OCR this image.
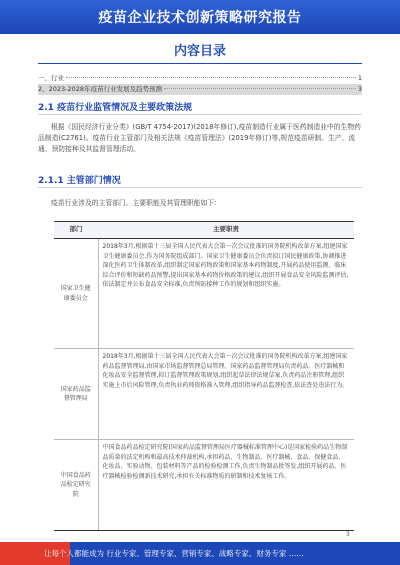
疫苗企业技术创新策略研究报告
内容目录
一、行业	1
2、2023-2028年疫苗行业发展及趋势预测	3
2.1 疫苗行业监管情况及主要政策法规
根据《国民经济行业分类》(GB/T 4754-2017)(2018年修订),疫苗制造行业属于医药制造业中的生物药品制造(C2761)。疫苗行业主管部门及相关法规《疫苗管理法》(2019年修订)等,规范疫苗研制、生产、流通、预防接种及其监督管理活动。
2.1.1 主管部门情况
疫苗行业涉及的主管部门、主要职能及其管理职能如下:
部门	主要职责
国家卫生健康委员会	2018年3月,根据第十三届全国人民代表大会第一次会议批准的国务院机构改革方案,组建国家卫生健康委员会,作为国务院组成部门。国家卫生健康委员会负责拟订国民健康政策,协调推进深化医药卫生体制改革,组织制定国家药物政策和国家基本药物制度,开展药品使用监测、临床综合评价和短缺药品预警,提出国家基本药物价格政策的建议,组织开展食品安全风险监测评估,依法制定并公布食品安全标准,负责预防接种工作的规划和组织实施。
国家药品监督管理局	2018年3月,根据第十三届全国人民代表大会第一次会议批准的国务院机构改革方案,组建国家药品监督管理局,由国家市场监督管理总局管理。国家药品监督管理局负责药品、医疗器械和化妆品安全监督管理,拟订监督管理政策规划,组织起草法律法规草案,负责药品注册管理,组织实施上市后风险管理,负责执业药师资格准入管理,组织指导药品监督检查,依法查处违法行为。
中国食品药品检定研究院	中国食品药品检定研究院(国家药品监督管理局医疗器械标准管理中心)是国家检验药品生物制品质量的法定机构和最高技术仲裁机构,承担药品、生物制品、医疗器械、食品、保健食品、化妆品、实验动物、包装材料等产品的检验检测工作,负责生物制品批签发,组织开展药品、医疗器械检验检测新技术研究,承担有关标准物质的研制和技术复核工作。
3
让每个人都能成为 行业专家、管理专家、营销专家、战略专家、财务专家 ……
